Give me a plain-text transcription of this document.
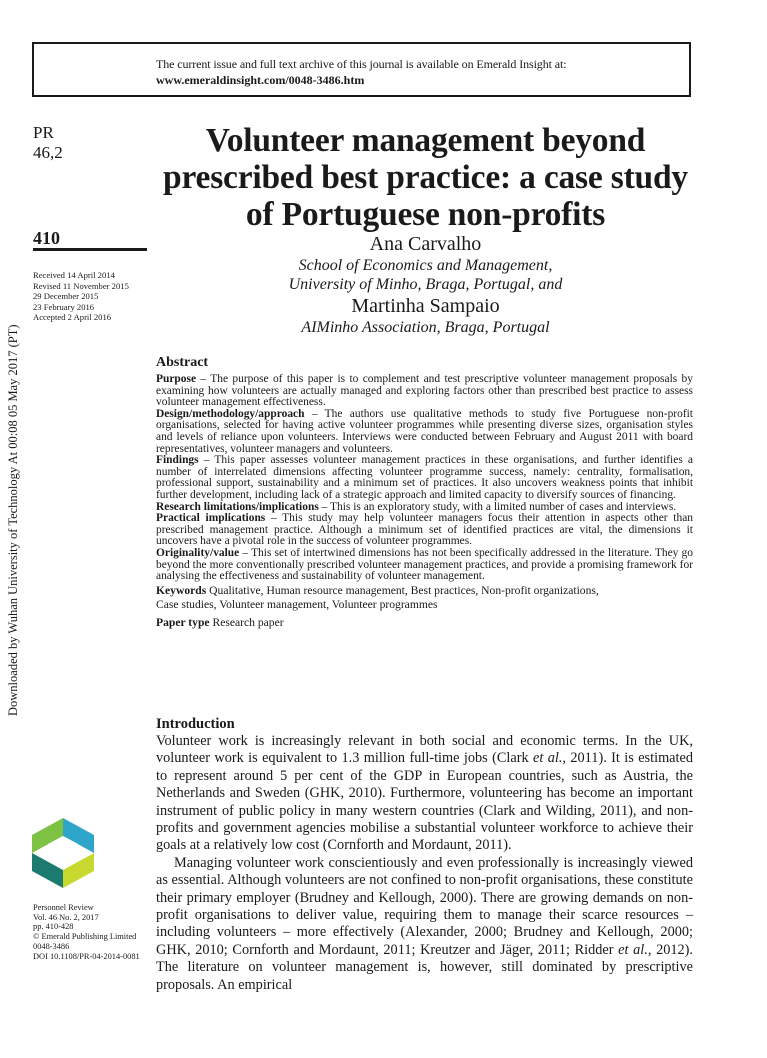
The current issue and full text archive of this journal is available on Emerald Insight at:
www.emeraldinsight.com/0048-3486.htm
PR
46,2
410
Received 14 April 2014
Revised 11 November 2015
29 December 2015
23 February 2016
Accepted 2 April 2016
Downloaded by Wuhan University of Technology At 00:08 05 May 2017 (PT)
Personnel Review
Vol. 46 No. 2, 2017
pp. 410-428
© Emerald Publishing Limited
0048-3486
DOI 10.1108/PR-04-2014-0081
Volunteer management beyond prescribed best practice: a case study of Portuguese non-profits
Ana Carvalho
School of Economics and Management,
University of Minho, Braga, Portugal, and
Martinha Sampaio
AIMinho Association, Braga, Portugal
Abstract

Purpose – The purpose of this paper is to complement and test prescriptive volunteer management proposals by examining how volunteers are actually managed and exploring factors other than prescribed best practice to assess volunteer management effectiveness.

Design/methodology/approach – The authors use qualitative methods to study five Portuguese non-profit organisations, selected for having active volunteer programmes while presenting diverse sizes, organisation styles and levels of reliance upon volunteers. Interviews were conducted between February and August 2011 with board representatives, volunteer managers and volunteers.

Findings – This paper assesses volunteer management practices in these organisations, and further identifies a number of interrelated dimensions affecting volunteer programme success, namely: centrality, formalisation, professional support, sustainability and a minimum set of practices. It also uncovers weakness points that inhibit further development, including lack of a strategic approach and limited capacity to diversify sources of financing.

Research limitations/implications – This is an exploratory study, with a limited number of cases and interviews.

Practical implications – This study may help volunteer managers focus their attention in aspects other than prescribed management practice. Although a minimum set of identified practices are vital, the dimensions it uncovers have a pivotal role in the success of volunteer programmes.

Originality/value – This set of intertwined dimensions has not been specifically addressed in the literature. They go beyond the more conventionally prescribed volunteer management practices, and provide a promising framework for analysing the effectiveness and sustainability of volunteer management.

Keywords Qualitative, Human resource management, Best practices, Non-profit organizations,
Case studies, Volunteer management, Volunteer programmes
Paper type Research paper
Introduction

Volunteer work is increasingly relevant in both social and economic terms. In the UK, volunteer work is equivalent to 1.3 million full-time jobs (Clark et al., 2011). It is estimated to represent around 5 per cent of the GDP in European countries, such as Austria, the Netherlands and Sweden (GHK, 2010). Furthermore, volunteering has become an important instrument of public policy in many western countries (Clark and Wilding, 2011), and non-profits and government agencies mobilise a substantial volunteer workforce to achieve their goals at a relatively low cost (Cornforth and Mordaunt, 2011).

Managing volunteer work conscientiously and even professionally is increasingly viewed as essential. Although volunteers are not confined to non-profit organisations, these constitute their primary employer (Brudney and Kellough, 2000). There are growing demands on non-profit organisations to deliver value, requiring them to manage their scarce resources – including volunteers – more effectively (Alexander, 2000; Brudney and Kellough, 2000; GHK, 2010; Cornforth and Mordaunt, 2011; Kreutzer and Jäger, 2011; Ridder et al., 2012). The literature on volunteer management is, however, still dominated by prescriptive proposals. An empirical
